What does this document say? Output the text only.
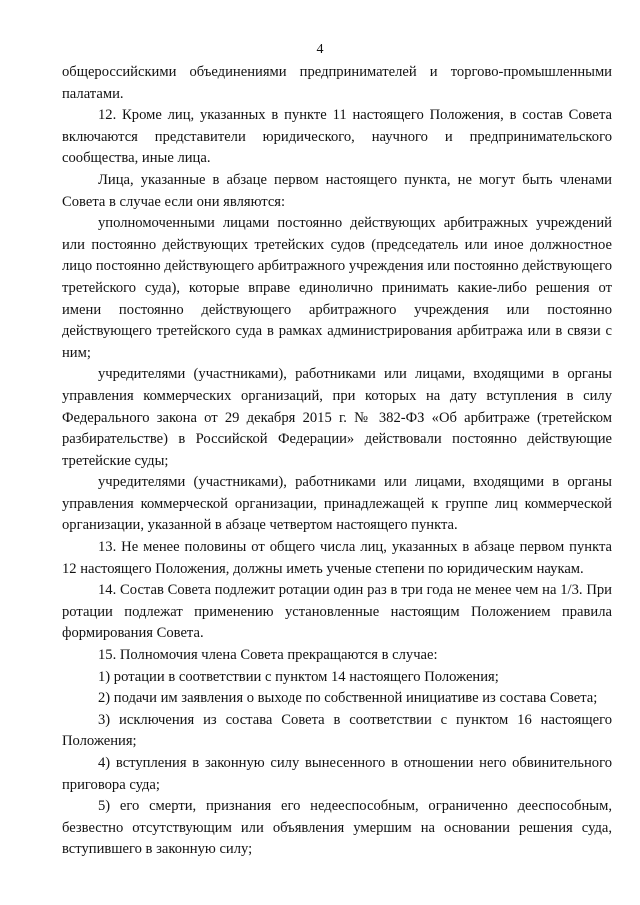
4

общероссийскими объединениями предпринимателей и торгово-промышленными палатами.

12. Кроме лиц, указанных в пункте 11 настоящего Положения, в состав Совета включаются представители юридического, научного и предпринимательского сообщества, иные лица.

Лица, указанные в абзаце первом настоящего пункта, не могут быть членами Совета в случае если они являются:

уполномоченными лицами постоянно действующих арбитражных учреждений или постоянно действующих третейских судов (председатель или иное должностное лицо постоянно действующего арбитражного учреждения или постоянно действующего третейского суда), которые вправе единолично принимать какие-либо решения от имени постоянно действующего арбитражного учреждения или постоянно действующего третейского суда в рамках администрирования арбитража или в связи с ним;

учредителями (участниками), работниками или лицами, входящими в органы управления коммерческих организаций, при которых на дату вступления в силу Федерального закона от 29 декабря 2015 г. № 382-ФЗ «Об арбитраже (третейском разбирательстве) в Российской Федерации» действовали постоянно действующие третейские суды;

учредителями (участниками), работниками или лицами, входящими в органы управления коммерческой организации, принадлежащей к группе лиц коммерческой организации, указанной в абзаце четвертом настоящего пункта.

13. Не менее половины от общего числа лиц, указанных в абзаце первом пункта 12 настоящего Положения, должны иметь ученые степени по юридическим наукам.

14. Состав Совета подлежит ротации один раз в три года не менее чем на 1/3. При ротации подлежат применению установленные настоящим Положением правила формирования Совета.

15. Полномочия члена Совета прекращаются в случае:

1) ротации в соответствии с пунктом 14 настоящего Положения;

2) подачи им заявления о выходе по собственной инициативе из состава Совета;

3) исключения из состава Совета в соответствии с пунктом 16 настоящего Положения;

4) вступления в законную силу вынесенного в отношении него обвинительного приговора суда;

5) его смерти, признания его недееспособным, ограниченно дееспособным, безвестно отсутствующим или объявления умершим на основании решения суда, вступившего в законную силу;
